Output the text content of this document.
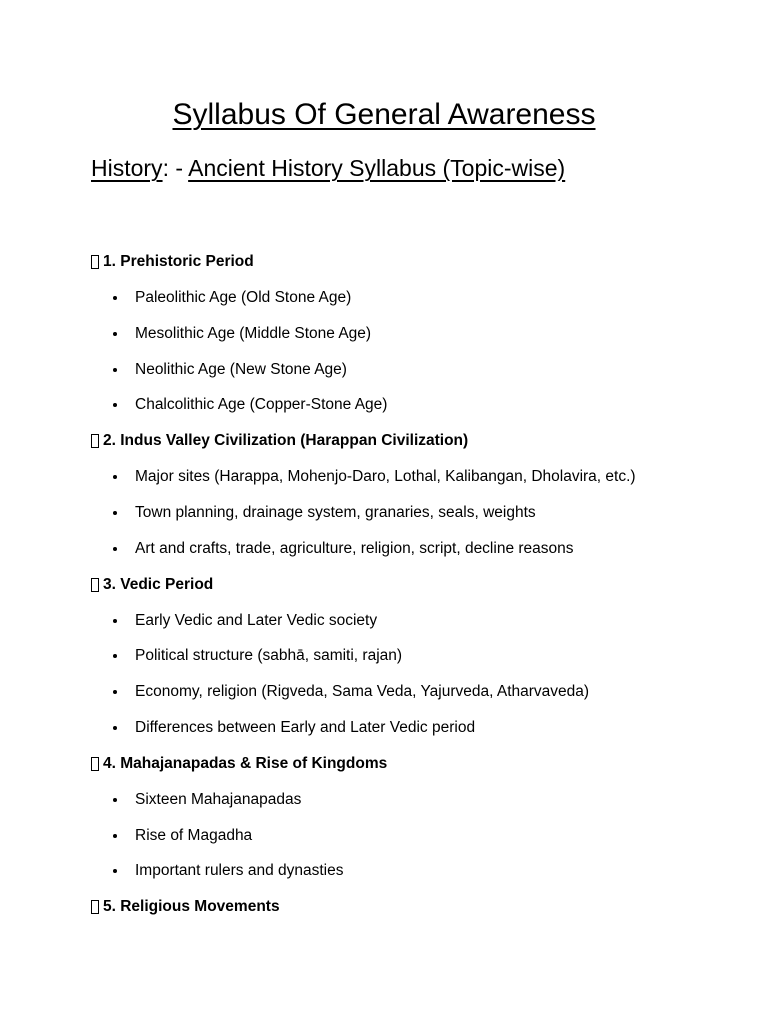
Syllabus Of General Awareness
History: - Ancient History Syllabus (Topic-wise)
1. Prehistoric Period
Paleolithic Age (Old Stone Age)
Mesolithic Age (Middle Stone Age)
Neolithic Age (New Stone Age)
Chalcolithic Age (Copper-Stone Age)
2. Indus Valley Civilization (Harappan Civilization)
Major sites (Harappa, Mohenjo-Daro, Lothal, Kalibangan, Dholavira, etc.)
Town planning, drainage system, granaries, seals, weights
Art and crafts, trade, agriculture, religion, script, decline reasons
3. Vedic Period
Early Vedic and Later Vedic society
Political structure (sabhā, samiti, rajan)
Economy, religion (Rigveda, Sama Veda, Yajurveda, Atharvaveda)
Differences between Early and Later Vedic period
4. Mahajanapadas & Rise of Kingdoms
Sixteen Mahajanapadas
Rise of Magadha
Important rulers and dynasties
5. Religious Movements
